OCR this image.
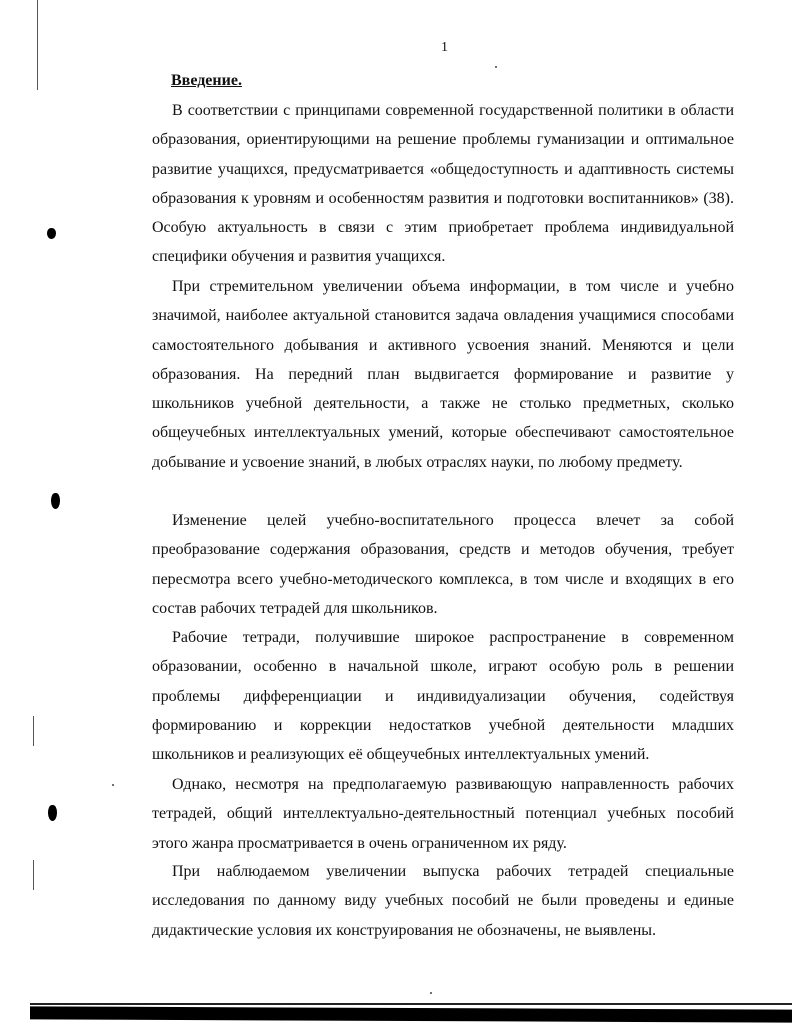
1
Введение.

В соответствии с принципами современной государственной политики в области образования, ориентирующими на решение проблемы гуманизации и оптимальное развитие учащихся, предусматривается «общедоступность и адаптивность системы образования к уровням и особенностям развития и подготовки воспитанников» (38). Особую актуальность в связи с этим приобретает проблема индивидуальной специфики обучения и развития учащихся.

При стремительном увеличении объема информации, в том числе и учебно значимой, наиболее актуальной становится задача овладения учащимися способами самостоятельного добывания и активного усвоения знаний. Меняются и цели образования. На передний план выдвигается формирование и развитие у школьников учебной деятельности, а также не столько предметных, сколько общеучебных интеллектуальных умений, которые обеспечивают самостоятельное добывание и усвоение знаний, в любых отраслях науки, по любому предмету.

Изменение целей учебно-воспитательного процесса влечет за собой преобразование содержания образования, средств и методов обучения, требует пересмотра всего учебно-методического комплекса, в том числе и входящих в его состав рабочих тетрадей для школьников.

Рабочие тетради, получившие широкое распространение в современном образовании, особенно в начальной школе, играют особую роль в решении проблемы дифференциации и индивидуализации обучения, содействуя формированию и коррекции недостатков учебной деятельности младших школьников и реализующих её общеучебных интеллектуальных умений.

Однако, несмотря на предполагаемую развивающую направленность рабочих тетрадей, общий интеллектуально-деятельностный потенциал учебных пособий этого жанра просматривается в очень ограниченном их ряду.

При наблюдаемом увеличении выпуска рабочих тетрадей специальные исследования по данному виду учебных пособий не были проведены и единые дидактические условия их конструирования не обозначены, не выявлены.
